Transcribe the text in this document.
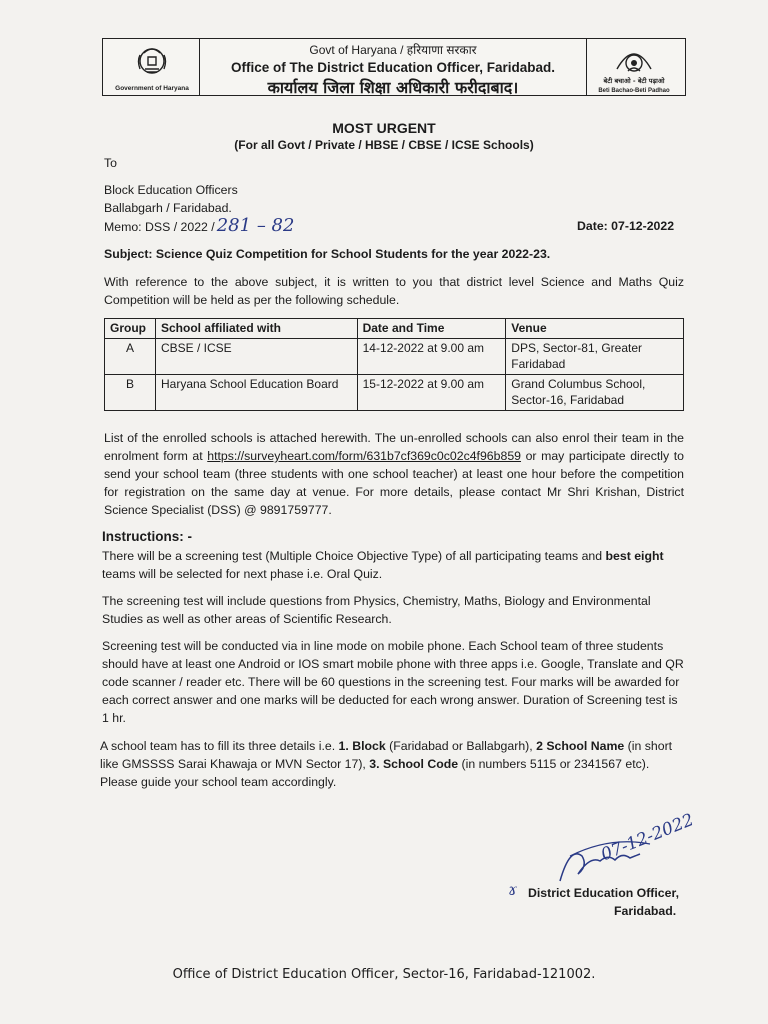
Government of Haryana
Govt of Haryana / हरियाणा सरकार
Office of The District Education Officer, Faridabad.
कार्यालय जिला शिक्षा अधिकारी फरीदाबाद।	बेटी बचाओ - बेटी पढ़ाओ
Beti Bachao-Beti Padhao
MOST URGENT
(For all Govt / Private / HBSE / CBSE / ICSE Schools)
To
Block Education Officers
Ballabgarh / Faridabad.
Memo: DSS / 2022 / 281 – 82	Date: 07-12-2022
Subject: Science Quiz Competition for School Students for the year 2022-23.
With reference to the above subject, it is written to you that district level Science and Maths Quiz Competition will be held as per the following schedule.
Group	School affiliated with	Date and Time	Venue
A	CBSE / ICSE	14-12-2022 at 9.00 am	DPS, Sector-81, Greater Faridabad
B	Haryana School Education Board	15-12-2022 at 9.00 am	Grand Columbus School, Sector-16, Faridabad
List of the enrolled schools is attached herewith. The un-enrolled schools can also enrol their team in the enrolment form at https://surveyheart.com/form/631b7cf369c0c02c4f96b859 or may participate directly to send your school team (three students with one school teacher) at least one hour before the competition for registration on the same day at venue. For more details, please contact Mr Shri Krishan, District Science Specialist (DSS) @ 9891759777.
Instructions: -
There will be a screening test (Multiple Choice Objective Type) of all participating teams and best eight teams will be selected for next phase i.e. Oral Quiz.
The screening test will include questions from Physics, Chemistry, Maths, Biology and Environmental Studies as well as other areas of Scientific Research.
Screening test will be conducted via in line mode on mobile phone. Each School team of three students should have at least one Android or IOS smart mobile phone with three apps i.e. Google, Translate and QR code scanner / reader etc. There will be 60 questions in the screening test. Four marks will be awarded for each correct answer and one marks will be deducted for each wrong answer. Duration of Screening test is 1 hr.
A school team has to fill its three details i.e. 1. Block (Faridabad or Ballabgarh), 2 School Name (in short like GMSSSS Sarai Khawaja or MVN Sector 17), 3. School Code (in numbers 5115 or 2341567 etc). Please guide your school team accordingly.
07-12-2022
ɤ District Education Officer,
Faridabad.
Office of District Education Officer, Sector-16, Faridabad-121002.
